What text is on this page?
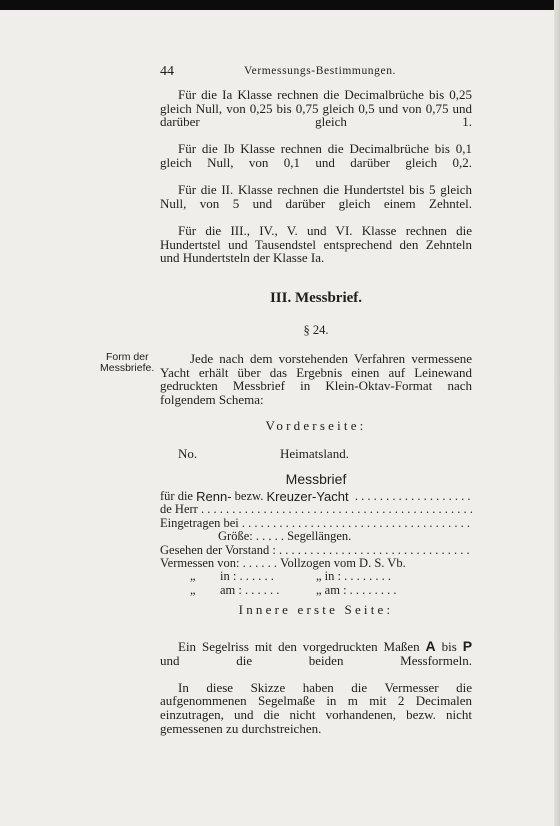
44	Vermessungs-Bestimmungen.

Für die Ia Klasse rechnen die Decimalbrüche bis 0,25 gleich Null, von 0,25 bis 0,75 gleich 0,5 und von 0,75 und darüber gleich 1.

Für die Ib Klasse rechnen die Decimalbrüche bis 0,1 gleich Null, von 0,1 und darüber gleich 0,2.

Für die II. Klasse rechnen die Hundertstel bis 5 gleich Null, von 5 und darüber gleich einem Zehntel.

Für die III., IV., V. und VI. Klasse rechnen die Hundertstel und Tausendstel entsprechend den Zehnteln und Hundertsteln der Klasse Ia.

III. Messbrief.
§ 24.
Form der
Messbriefe.

Jede nach dem vorstehenden Verfahren vermessene Yacht erhält über das Ergebnis einen auf Leinewand gedruckten Messbrief in Klein-Oktav-Format nach folgendem Schema:

Vorderseite:
No.	Heimatsland.
Messbrief
für die
Renn-
bezw.
Kreuzer-Yacht

. . .
de Herr

. . .
Eingetragen bei

. . .
Größe: . . . .
. Segellängen.
Gesehen der Vorstand :

. . .
Vermessen von: . . . . . .
Vollzogen vom D. S. Vb.
„	in : . . . . . .	„ in : . . . . . . . .
„	am : . . . . . .	„ am : . . . . . . . .
Innere erste Seite:

Ein Segelriss mit den vorgedruckten Maßen A bis P und die beiden Messformeln.

In diese Skizze haben die Vermesser die aufgenommenen Segelmaße in m mit 2 Decimalen einzutragen, und die nicht vorhandenen, bezw. nicht gemessenen zu durchstreichen.
